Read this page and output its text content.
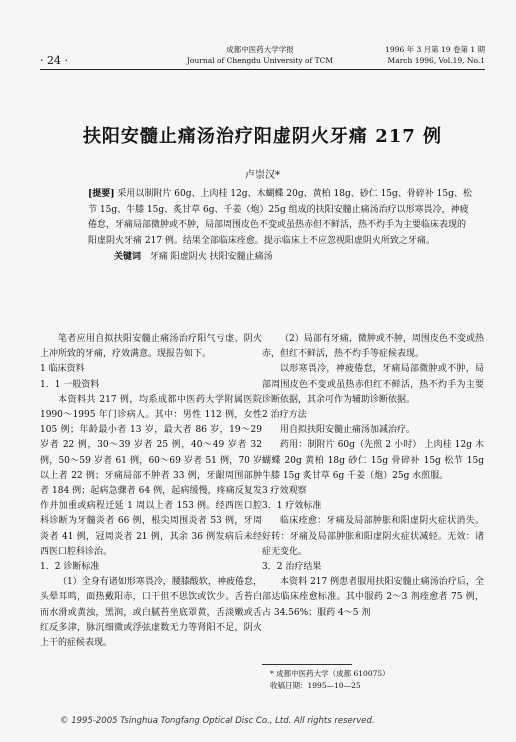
· 24 ·
成都中医药大学学报
Journal of Chengdu University of TCM
1996 年 3 月第 19 卷第 1 期
March 1996, Vol.19, No.1
扶阳安髓止痛汤治疗阳虚阴火牙痛 217 例
卢崇汉*
[提要] 采用以制附片 60g、上肉桂 12g、木蝴蝶 20g、黄柏 18g、砂仁 15g、骨碎补 15g、松节 15g、牛膝 15g、炙甘草 6g、千姜（炮）25g 组成的扶阳安髓止痛汤治疗以形寒畏冷，神疲倦怠，牙痛局部微肿或不肿，局部周围皮色不变或虽热赤但不鲜活，热不灼手为主要临床表现的阳虚阴火牙痛 217 例。结果全部临床痊愈。提示临床上不应忽视阳虚阴火所致之牙痛。
关键词 牙痛 阳虚阴火 扶阳安髓止痛汤

笔者应用自拟扶阳安髓止痛汤治疗阳气亏虚、阴火上冲所致的牙痛，疗效满意。现报告如下。

1 临床资料
1．1 一般资料

本资料共 217 例，均系成都中医药大学附属医院 1990～1995 年门诊病人。其中：男性 112 例，女性 105 例；年龄最小者 13 岁，最大者 86 岁，19～29 岁者 22 例，30～39 岁者 25 例，40～49 岁者 32 例，50～59 岁者 61 例，60～69 岁者 51 例，70 岁以上者 22 例；牙痛局部不肿者 33 例，牙龈周围部肿者 184 例；起病急骤者 64 例，起病缓慢，疼痛反复发作并加重或病程迁延 1 周以上者 153 例。经西医口腔科诊断为牙髓炎者 66 例，根尖周围炎者 53 例，牙周炎者 41 例，冠周炎者 21 例，其余 36 例发病后未经西医口腔科诊治。

1．2 诊断标准

（1）全身有诸如形寒畏冷，腰膝酸软，神疲倦怠，头晕耳鸣，面热戴阳赤，口干但不思饮或饮少。舌苔白而水滑或黄浊，黑润，或白腻苔坐底罩黄，舌淡嫩或舌红反多津，脉沉细微或浮弦虚数无力等肾阳不足，阴火上干的症候表现。

（2）局部有牙痛，微肿或不肿，周围皮色不变或热赤，但红不鲜活，热不灼手等症候表现。

以形寒畏冷，神疲倦怠，牙痛局部微肿或不肿，局部周围皮色不变或虽热赤但红不鲜活，热不灼手为主要诊断依据，其余可作为辅助诊断依据。

2 治疗方法

用自拟扶阳安髓止痛汤加减治疗。

药用：制附片 60g（先煎 2 小时） 上肉桂 12g 木蝴蝶 20g 黄柏 18g 砂仁 15g 骨碎补 15g 松节 15g 牛膝 15g 炙甘草 6g 千姜（炮）25g 水煎服。

3 疗效观察
3．1 疗效标准

临床痊愈：牙痛及局部肿胀和阳虚阴火症状消失。好转：牙痛及局部肿胀和阳虚阴火症状减轻。无效：诸症无变化。

3．2 治疗结果

本资料 217 例患者服用扶阳安髓止痛汤治疗后，全部达临床痊愈标准。其中服药 2～3 剂痊愈者 75 例，占 34.56%；服药 4～5 剂

* 成都中医药大学（成都 610075）
收稿日期：1995—10—25
© 1995-2005 Tsinghua Tongfang Optical Disc Co., Ltd. All rights reserved.
